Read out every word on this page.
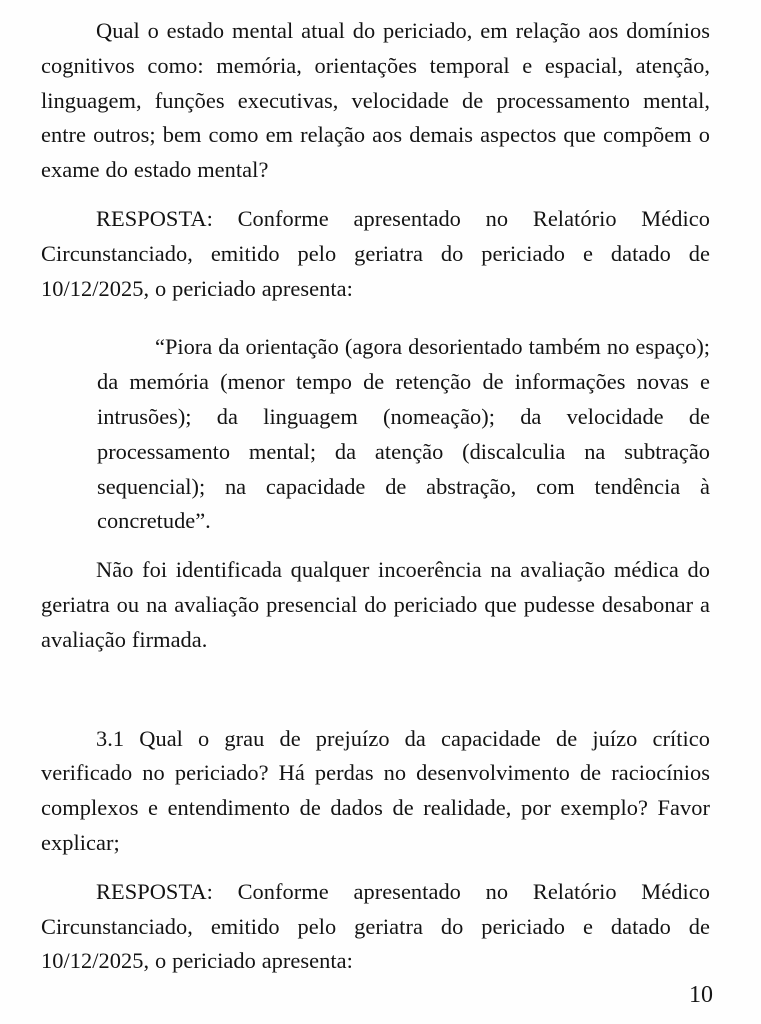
Qual o estado mental atual do periciado, em relação aos domínios cognitivos como: memória, orientações temporal e espacial, atenção, linguagem, funções executivas, velocidade de processamento mental, entre outros; bem como em relação aos demais aspectos que compõem o exame do estado mental?

RESPOSTA: Conforme apresentado no Relatório Médico Circunstanciado, emitido pelo geriatra do periciado e datado de 10/12/2025, o periciado apresenta:

“Piora da orientação (agora desorientado também no espaço); da memória (menor tempo de retenção de informações novas e intrusões); da linguagem (nomeação); da velocidade de processamento mental; da atenção (discalculia na subtração sequencial); na capacidade de abstração, com tendência à concretude”.

Não foi identificada qualquer incoerência na avaliação médica do geriatra ou na avaliação presencial do periciado que pudesse desabonar a avaliação firmada.

3.1 Qual o grau de prejuízo da capacidade de juízo crítico verificado no periciado? Há perdas no desenvolvimento de raciocínios complexos e entendimento de dados de realidade, por exemplo? Favor explicar;

RESPOSTA: Conforme apresentado no Relatório Médico Circunstanciado, emitido pelo geriatra do periciado e datado de 10/12/2025, o periciado apresenta:

10
